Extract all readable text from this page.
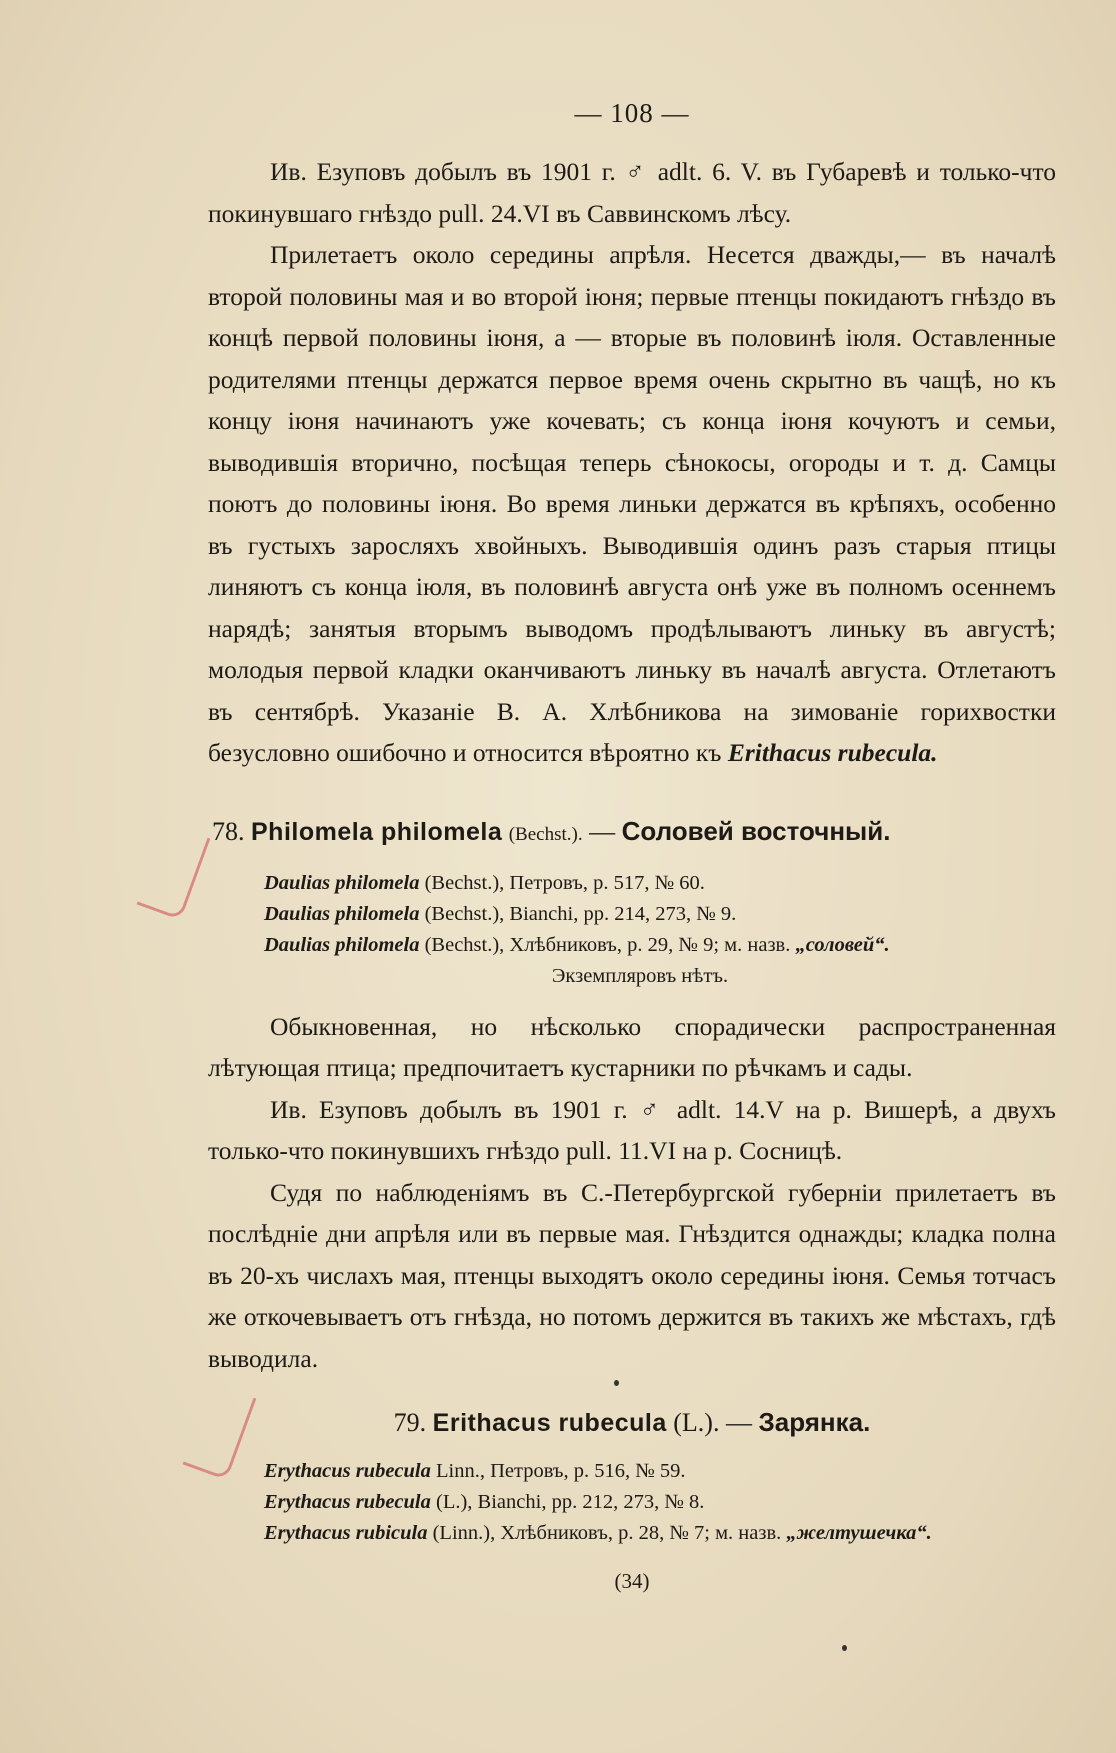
— 108 —

Ив. Езуповъ добылъ въ 1901 г. ♂ adlt. 6. V. въ Губаревѣ и только-что покинувшаго гнѣздо pull. 24.VI въ Саввинскомъ лѣсу.

Прилетаетъ около середины апрѣля. Несется дважды,— въ началѣ второй половины мая и во второй іюня; первые птенцы покидаютъ гнѣздо въ концѣ первой половины іюня, а — вторые въ половинѣ іюля. Оставленные родителями птенцы держатся первое время очень скрытно въ чащѣ, но къ концу іюня начинаютъ уже кочевать; съ конца іюня кочуютъ и семьи, выводившія вторично, посѣщая теперь сѣнокосы, огороды и т. д. Самцы поютъ до половины іюня. Во время линьки держатся въ крѣпяхъ, особенно въ густыхъ заросляхъ хвойныхъ. Выводившія одинъ разъ старыя птицы линяютъ съ конца іюля, въ половинѣ августа онѣ уже въ полномъ осеннемъ нарядѣ; занятыя вторымъ выводомъ продѣлываютъ линьку въ августѣ; молодыя первой кладки оканчиваютъ линьку въ началѣ августа. Отлетаютъ въ сентябрѣ. Указаніе В. А. Хлѣбникова на зимованіе горихвостки безусловно ошибочно и относится вѣроятно къ Erithacus rubecula.

78. Philomela philomela (Bechst.). — Соловей восточный.
Daulias philomela (Bechst.), Петровъ, p. 517, № 60.
Daulias philomela (Bechst.), Bianchi, pp. 214, 273, № 9.
Daulias philomela (Bechst.), Хлѣбниковъ, p. 29, № 9; м. назв. „соловей“.
Экземпляровъ нѣтъ.

Обыкновенная, но нѣсколько спорадически распространенная лѣтующая птица; предпочитаетъ кустарники по рѣчкамъ и сады.

Ив. Езуповъ добылъ въ 1901 г. ♂ adlt. 14.V на р. Вишерѣ, а двухъ только-что покинувшихъ гнѣздо pull. 11.VI на р. Сосницѣ.

Судя по наблюденіямъ въ С.-Петербургской губерніи прилетаетъ въ послѣдніе дни апрѣля или въ первые мая. Гнѣздится однажды; кладка полна въ 20-хъ числахъ мая, птенцы выходятъ около середины іюня. Семья тотчасъ же откочевываетъ отъ гнѣзда, но потомъ держится въ такихъ же мѣстахъ, гдѣ выводила.

79. Erithacus rubecula (L.). — Зарянка.
Erythacus rubecula Linn., Петровъ, p. 516, № 59.
Erythacus rubecula (L.), Bianchi, pp. 212, 273, № 8.
Erythacus rubicula (Linn.), Хлѣбниковъ, p. 28, № 7; м. назв. „желтушечка“.
(34)
